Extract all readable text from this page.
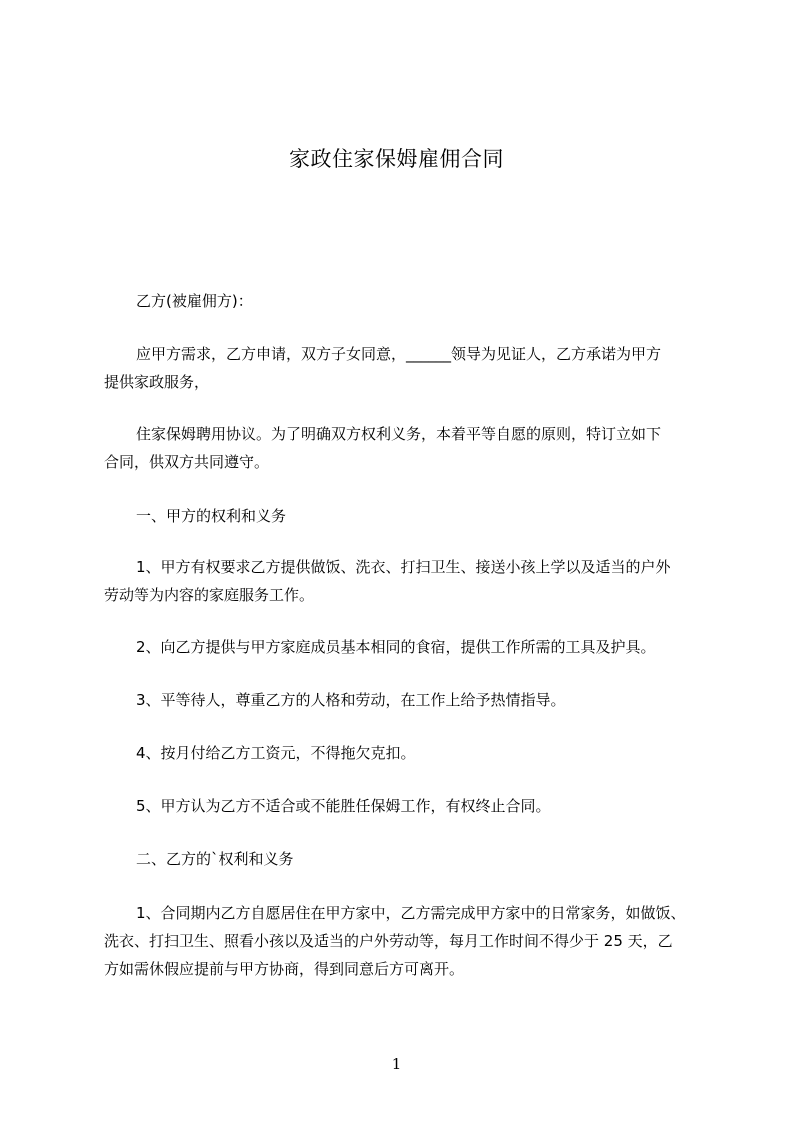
家政住家保姆雇佣合同
乙方(被雇佣方)：
应甲方需求，乙方申请，双方子女同意，______领导为见证人，乙方承诺为甲方
提供家政服务，
住家保姆聘用协议。为了明确双方权利义务，本着平等自愿的原则，特订立如下
合同，供双方共同遵守。
一、甲方的权利和义务
1、甲方有权要求乙方提供做饭、洗衣、打扫卫生、接送小孩上学以及适当的户外
劳动等为内容的家庭服务工作。
2、向乙方提供与甲方家庭成员基本相同的食宿，提供工作所需的工具及护具。
3、平等待人，尊重乙方的人格和劳动，在工作上给予热情指导。
4、按月付给乙方工资元，不得拖欠克扣。
5、甲方认为乙方不适合或不能胜任保姆工作，有权终止合同。
二、乙方的`权利和义务
1、合同期内乙方自愿居住在甲方家中，乙方需完成甲方家中的日常家务，如做饭、
洗衣、打扫卫生、照看小孩以及适当的户外劳动等，每月工作时间不得少于 25 天，乙
方如需休假应提前与甲方协商，得到同意后方可离开。
1
